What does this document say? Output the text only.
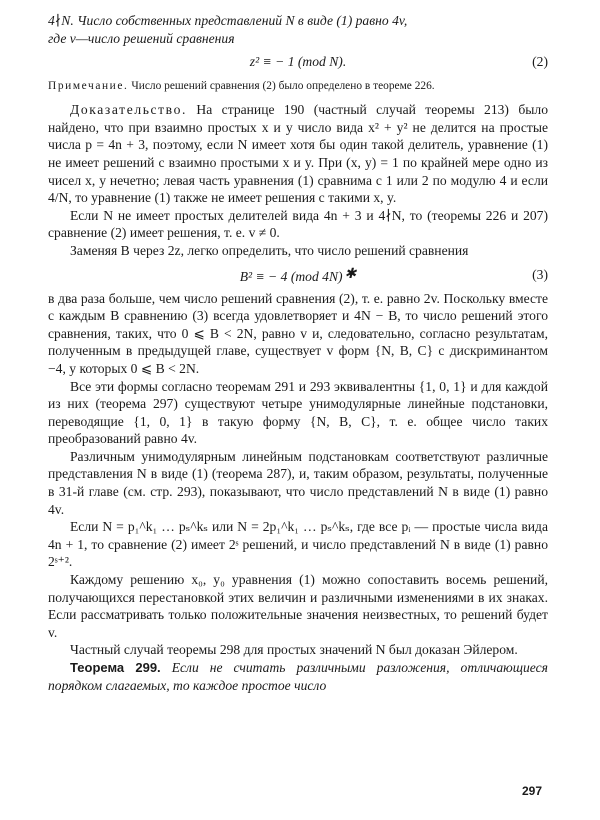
4∤N. Число собственных представлений N в виде (1) равно 4v,

где v—число решений сравнения

z² ≡ − 1 (mod N).	(2)

Примечание. Число решений сравнения (2) было определено в теореме 226.

Доказательство. На странице 190 (частный случай теоремы 213) было найдено, что при взаимно простых x и y число вида x² + y² не делится на простые числа p = 4n + 3, поэтому, если N имеет хотя бы один такой делитель, уравнение (1) не имеет решений с взаимно простыми x и y. При (x, y) = 1 по крайней мере одно из чисел x, y нечетно; левая часть уравнения (1) сравнима с 1 или 2 по модулю 4 и если 4/N, то уравнение (1) также не имеет решения с такими x, y.

Если N не имеет простых делителей вида 4n + 3 и 4∤N, то (теоремы 226 и 207) сравнение (2) имеет решения, т. е. v ≠ 0.

Заменяя B через 2z, легко определить, что число решений сравнения

B² ≡ − 4 (mod 4N) ✱	(3)

в два раза больше, чем число решений сравнения (2), т. е. равно 2v. Поскольку вместе с каждым B сравнению (3) всегда удовлетворяет и 4N − B, то число решений этого сравнения, таких, что 0 ⩽ B < 2N, равно v и, следовательно, согласно результатам, полученным в предыдущей главе, существует v форм {N, B, C} с дискриминантом −4, у которых 0 ⩽ B < 2N.

Все эти формы согласно теоремам 291 и 293 эквивалентны {1, 0, 1} и для каждой из них (теорема 297) существуют четыре унимодулярные линейные подстановки, переводящие {1, 0, 1} в такую форму {N, B, C}, т. е. общее число таких преобразований равно 4v.

Различным унимодулярным линейным подстановкам соответствуют различные представления N в виде (1) (теорема 287), и, таким образом, результаты, полученные в 31-й главе (см. стр. 293), показывают, что число представлений N в виде (1) равно 4v.

Если N = p₁^k₁ … pₛ^kₛ или N = 2p₁^k₁ … pₛ^kₛ, где все pᵢ — простые числа вида 4n + 1, то сравнение (2) имеет 2ˢ решений, и число представлений N в виде (1) равно 2ˢ⁺².

Каждому решению x₀, y₀ уравнения (1) можно сопоставить восемь решений, получающихся перестановкой этих величин и различными изменениями в их знаках. Если рассматривать только положительные значения неизвестных, то решений будет v.

Частный случай теоремы 298 для простых значений N был доказан Эйлером.

Теорема 299. Если не считать различными разложения, отличающиеся порядком слагаемых, то каждое простое число

297
